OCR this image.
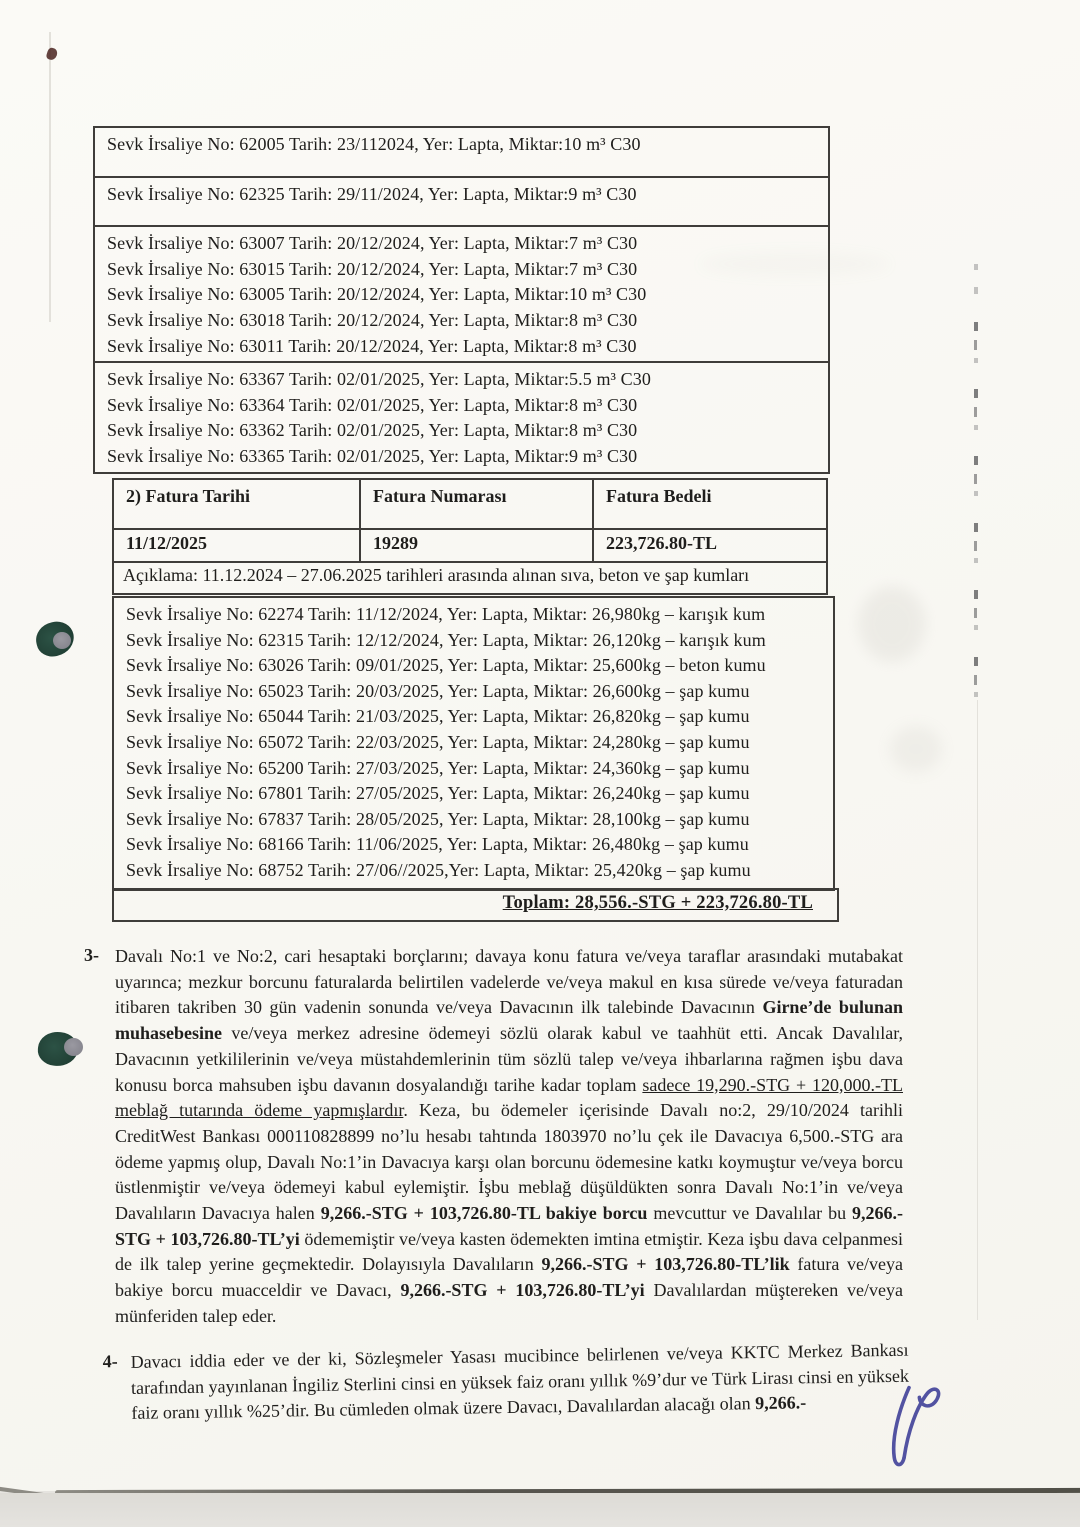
Sevk İrsaliye No: 62005 Tarih: 23/112024, Yer: Lapta, Miktar:10 m³ C30
Sevk İrsaliye No: 62325 Tarih: 29/11/2024, Yer: Lapta, Miktar:9 m³ C30
Sevk İrsaliye No: 63007 Tarih: 20/12/2024, Yer: Lapta, Miktar:7 m³ C30
Sevk İrsaliye No: 63015 Tarih: 20/12/2024, Yer: Lapta, Miktar:7 m³ C30
Sevk İrsaliye No: 63005 Tarih: 20/12/2024, Yer: Lapta, Miktar:10 m³ C30
Sevk İrsaliye No: 63018 Tarih: 20/12/2024, Yer: Lapta, Miktar:8 m³ C30
Sevk İrsaliye No: 63011 Tarih: 20/12/2024, Yer: Lapta, Miktar:8 m³ C30
Sevk İrsaliye No: 63367 Tarih: 02/01/2025, Yer: Lapta, Miktar:5.5 m³ C30
Sevk İrsaliye No: 63364 Tarih: 02/01/2025, Yer: Lapta, Miktar:8 m³ C30
Sevk İrsaliye No: 63362 Tarih: 02/01/2025, Yer: Lapta, Miktar:8 m³ C30
Sevk İrsaliye No: 63365 Tarih: 02/01/2025, Yer: Lapta, Miktar:9 m³ C30
2) Fatura Tarihi	Fatura Numarası	Fatura Bedeli
11/12/2025	19289	223,726.80-TL
Açıklama: 11.12.2024 – 27.06.2025 tarihleri arasında alınan sıva, beton ve şap kumları
Sevk İrsaliye No: 62274 Tarih: 11/12/2024, Yer: Lapta, Miktar: 26,980kg – karışık kum
Sevk İrsaliye No: 62315 Tarih: 12/12/2024, Yer: Lapta, Miktar: 26,120kg – karışık kum
Sevk İrsaliye No: 63026 Tarih: 09/01/2025, Yer: Lapta, Miktar: 25,600kg – beton kumu
Sevk İrsaliye No: 65023 Tarih: 20/03/2025, Yer: Lapta, Miktar: 26,600kg – şap kumu
Sevk İrsaliye No: 65044 Tarih: 21/03/2025, Yer: Lapta, Miktar: 26,820kg – şap kumu
Sevk İrsaliye No: 65072 Tarih: 22/03/2025, Yer: Lapta, Miktar: 24,280kg – şap kumu
Sevk İrsaliye No: 65200 Tarih: 27/03/2025, Yer: Lapta, Miktar: 24,360kg – şap kumu
Sevk İrsaliye No: 67801 Tarih: 27/05/2025, Yer: Lapta, Miktar: 26,240kg – şap kumu
Sevk İrsaliye No: 67837 Tarih: 28/05/2025, Yer: Lapta, Miktar: 28,100kg – şap kumu
Sevk İrsaliye No: 68166 Tarih: 11/06/2025, Yer: Lapta, Miktar: 26,480kg – şap kumu
Sevk İrsaliye No: 68752 Tarih: 27/06//2025,Yer: Lapta, Miktar: 25,420kg – şap kumu
Toplam: 28,556.-STG + 223,726.80-TL
3- Davalı No:1 ve No:2, cari hesaptaki borçlarını; davaya konu fatura ve/veya taraflar arasındaki mutabakat uyarınca; mezkur borcunu faturalarda belirtilen vadelerde ve/veya makul en kısa sürede ve/veya faturadan itibaren takriben 30 gün vadenin sonunda ve/veya Davacının ilk talebinde Davacının Girne’de bulunan muhasebesine ve/veya merkez adresine ödemeyi sözlü olarak kabul ve taahhüt etti. Ancak Davalılar, Davacının yetkililerinin ve/veya müstahdemlerinin tüm sözlü talep ve/veya ihbarlarına rağmen işbu dava konusu borca mahsuben işbu davanın dosyalandığı tarihe kadar toplam sadece 19,290.-STG + 120,000.-TL meblağ tutarında ödeme yapmışlardır. Keza, bu ödemeler içerisinde Davalı no:2, 29/10/2024 tarihli CreditWest Bankası 000110828899 no’lu hesabı tahtında 1803970 no’lu çek ile Davacıya 6,500.-STG ara ödeme yapmış olup, Davalı No:1’in Davacıya karşı olan borcunu ödemesine katkı koymuştur ve/veya borcu üstlenmiştir ve/veya ödemeyi kabul eylemiştir. İşbu meblağ düşüldükten sonra Davalı No:1’in ve/veya Davalıların Davacıya halen 9,266.-STG + 103,726.80-TL bakiye borcu mevcuttur ve Davalılar bu 9,266.-STG + 103,726.80-TL’yi ödememiştir ve/veya kasten ödemekten imtina etmiştir. Keza işbu dava celpanmesi de ilk talep yerine geçmektedir. Dolayısıyla Davalıların 9,266.-STG + 103,726.80-TL’lik fatura ve/veya bakiye borcu muacceldir ve Davacı, 9,266.-STG + 103,726.80-TL’yi Davalılardan müştereken ve/veya münferiden talep eder.
4- Davacı iddia eder ve der ki, Sözleşmeler Yasası mucibince belirlenen ve/veya KKTC Merkez Bankası tarafından yayınlanan İngiliz Sterlini cinsi en yüksek faiz oranı yıllık %9’dur ve Türk Lirası cinsi en yüksek faiz oranı yıllık %25’dir. Bu cümleden olmak üzere Davacı, Davalılardan alacağı olan 9,266.-
